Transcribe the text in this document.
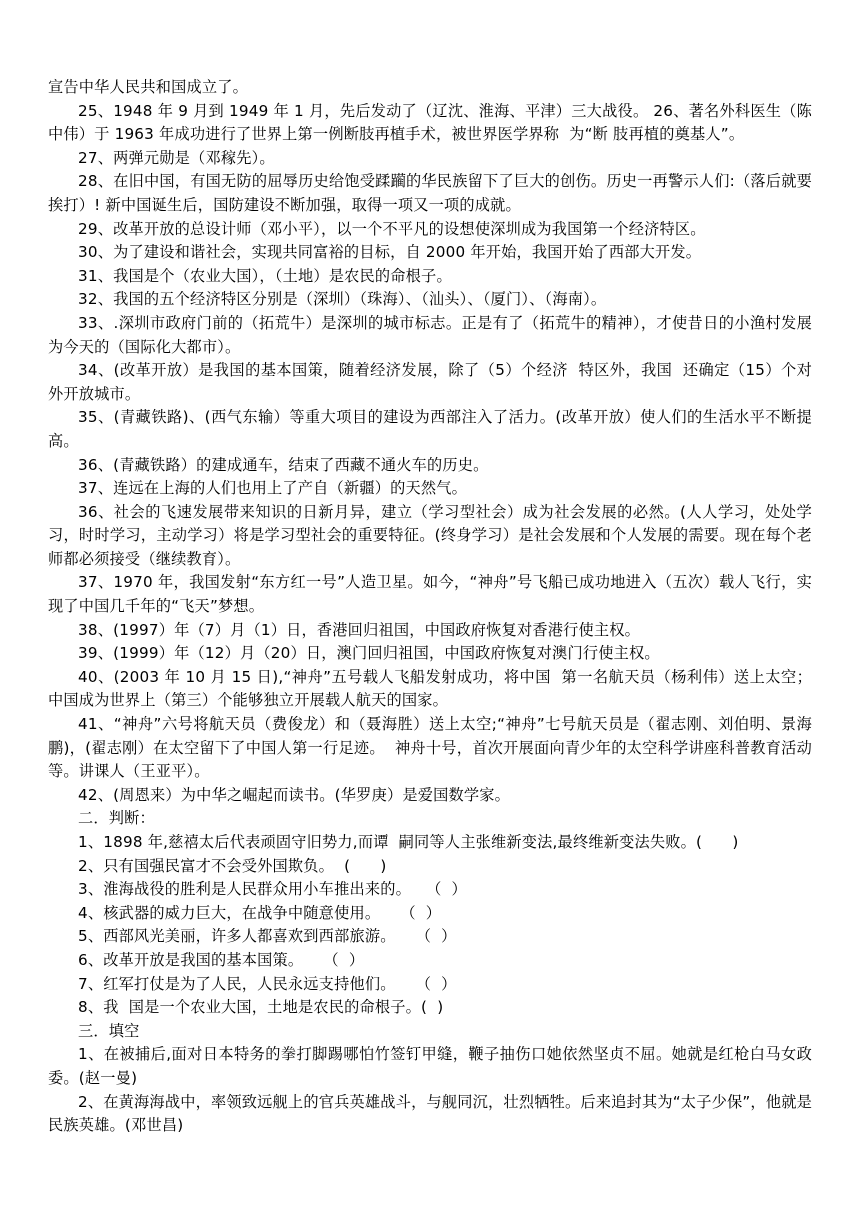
宣告中华人民共和国成立了。

25、1948 年 9 月到 1949 年 1 月，先后发动了（辽沈、淮海、平津）三大战役。 26、著名外科医生（陈中伟）于 1963 年成功进行了世界上第一例断肢再植手术，被世界医学界称  为“断 肢再植的奠基人”。

27、两弹元勋是（邓稼先）。

28、在旧中国，有国无防的屈辱历史给饱受蹂躏的华民族留下了巨大的创伤。历史一再警示人们:（落后就要挨打）! 新中国诞生后，国防建设不断加强，取得一项又一项的成就。

29、改革开放的总设计师（邓小平），以一个不平凡的设想使深圳成为我国第一个经济特区。

30、为了建设和谐社会，实现共同富裕的目标，自 2000 年开始，我国开始了西部大开发。

31、我国是个（农业大国），（土地）是农民的命根子。

32、我国的五个经济特区分别是（深圳）（珠海）、（汕头）、（厦门）、（海南）。

33、.深圳市政府门前的（拓荒牛）是深圳的城市标志。正是有了（拓荒牛的精神），才使昔日的小渔村发展为今天的（国际化大都市）。

34、(改革开放）是我国的基本国策，随着经济发展，除了（5）个经济  特区外，我国  还确定（15）个对外开放城市。

35、(青藏铁路)、(西气东输）等重大项目的建设为西部注入了活力。(改革开放）使人们的生活水平不断提高。

36、(青藏铁路）的建成通车，结束了西藏不通火车的历史。

37、连远在上海的人们也用上了产自（新疆）的天然气。

36、社会的飞速发展带来知识的日新月异，建立（学习型社会）成为社会发展的必然。(人人学习，处处学习，时时学习，主动学习）将是学习型社会的重要特征。(终身学习）是社会发展和个人发展的需要。现在每个老  师都必须接受（继续教育）。

37、1970 年，我国发射“东方红一号”人造卫星。如今，“神舟”号飞船已成功地进入（五次）载人飞行，实现了中国几千年的“飞天”梦想。

38、(1997）年（7）月（1）日，香港回归祖国，中国政府恢复对香港行使主权。

39、(1999）年（12）月（20）日，澳门回归祖国，中国政府恢复对澳门行使主权。

40、(2003 年 10 月 15 日),“神舟”五号载人飞船发射成功，将中国  第一名航天员（杨利伟）送上太空；中国成为世界上（第三）个能够独立开展载人航天的国家。

41、“神舟”六号将航天员（费俊龙）和（聂海胜）送上太空;“神舟”七号航天员是（翟志刚、刘伯明、景海鹏)，(翟志刚）在太空留下了中国人第一行足迹。  神舟十号，首次开展面向青少年的太空科学讲座科普教育活动等。讲课人（王亚平）。

42、(周恩来）为中华之崛起而读书。(华罗庚）是爱国数学家。

二．判断：

1、1898 年,慈禧太后代表顽固守旧势力,而谭  嗣同等人主张维新变法,最终维新变法失败。(      )

2、只有国强民富才不会受外国欺负。  (      )

3、淮海战役的胜利是人民群众用小车推出来的。   （  ）

4、核武器的威力巨大，在战争中随意使用。    （  ）

5、西部风光美丽，许多人都喜欢到西部旅游。    （  ）

6、改革开放是我国的基本国策。    （  ）

7、红军打仗是为了人民，人民永远支持他们。    （  ）

8、我  国是一个农业大国，土地是农民的命根子。(  )

三．填空

1、在被捕后,面对日本特务的拳打脚踢哪怕竹签钉甲缝，鞭子抽伤口她依然坚贞不屈。她就是红枪白马女政委。(赵一曼)

2、在黄海海战中，率领致远舰上的官兵英雄战斗，与舰同沉，壮烈牺牲。后来追封其为“太子少保”，他就是民族英雄。(邓世昌)
